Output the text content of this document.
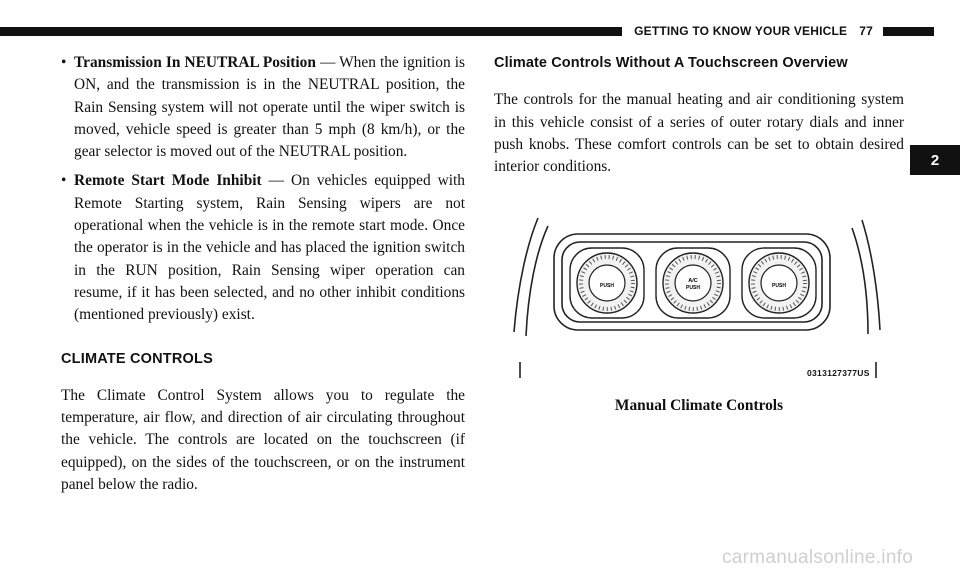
GETTING TO KNOW YOUR VEHICLE 77
2

• Transmission In NEUTRAL Position — When the ignition is ON, and the transmission is in the NEUTRAL position, the Rain Sensing system will not operate until the wiper switch is moved, vehicle speed is greater than 5 mph (8 km/h), or the gear selector is moved out of the NEUTRAL position.

• Remote Start Mode Inhibit — On vehicles equipped with Remote Starting system, Rain Sensing wipers are not operational when the vehicle is in the remote start mode. Once the operator is in the vehicle and has placed the ignition switch in the RUN position, Rain Sensing wiper operation can resume, if it has been selected, and no other inhibit conditions (mentioned previously) exist.

CLIMATE CONTROLS

The Climate Control System allows you to regulate the temperature, air flow, and direction of air circulating throughout the vehicle. The controls are located on the touchscreen (if equipped), on the sides of the touchscreen, or on the instrument panel below the radio.

Climate Controls Without A Touchscreen Overview

The controls for the manual heating and air conditioning system in this vehicle consist of a series of outer rotary dials and inner push knobs. These comfort controls can be set to obtain desired interior conditions.

PUSH
A/C
PUSH	PUSH
0313127377US
Manual Climate Controls
carmanualsonline.info
